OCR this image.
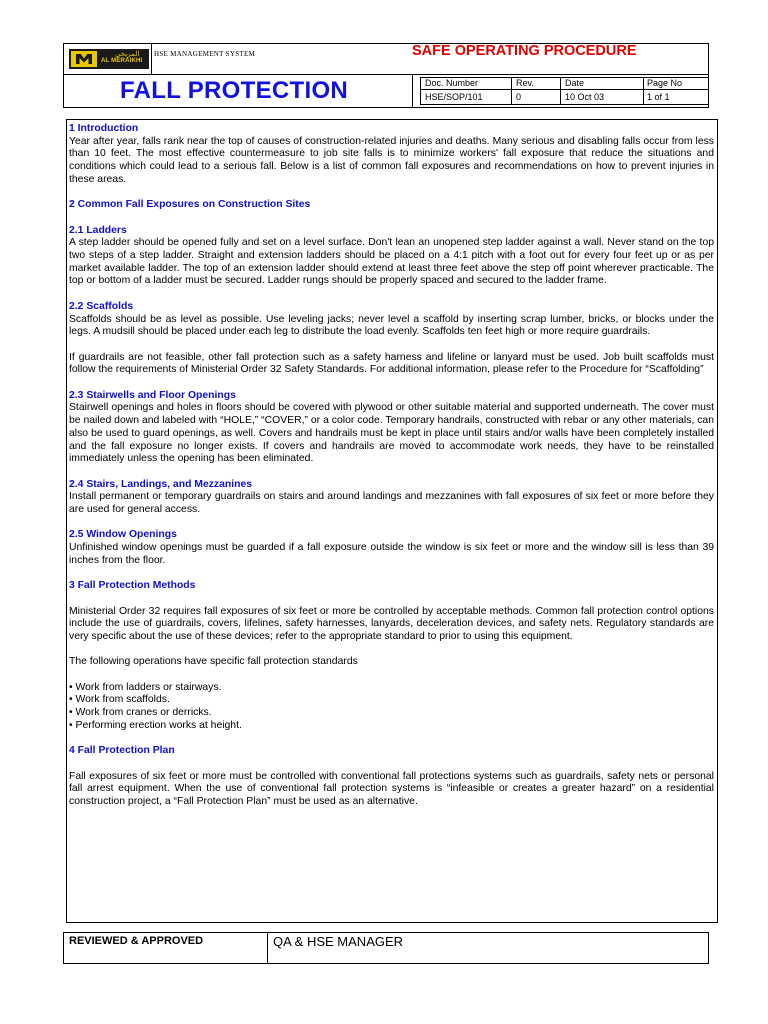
المريخي
AL MERAIKHI
HSE MANAGEMENT SYSTEM	SAFE OPERATING PROCEDURE
FALL PROTECTION	Doc. Number	Rev.	Date	Page No
HSE/SOP/101	0	10 Oct 03	1 of 1
1 Introduction

Year after year, falls rank near the top of causes of construction-related injuries and deaths. Many serious and disabling falls occur from less than 10 feet. The most effective countermeasure to job site falls is to minimize workers' fall exposure that reduce the situations and conditions which could lead to a serious fall. Below is a list of common fall exposures and recommendations on how to prevent injuries in these areas.

2 Common Fall Exposures on Construction Sites
2.1 Ladders

A step ladder should be opened fully and set on a level surface. Don't lean an unopened step ladder against a wall. Never stand on the top two steps of a step ladder. Straight and extension ladders should be placed on a 4:1 pitch with a foot out for every four feet up or as per market available ladder. The top of an extension ladder should extend at least three feet above the step off point wherever practicable. The top or bottom of a ladder must be secured. Ladder rungs should be properly spaced and secured to the ladder frame.

2.2 Scaffolds

Scaffolds should be as level as possible. Use leveling jacks; never level a scaffold by inserting scrap lumber, bricks, or blocks under the legs. A mudsill should be placed under each leg to distribute the load evenly. Scaffolds ten feet high or more require guardrails.

If guardrails are not feasible, other fall protection such as a safety harness and lifeline or lanyard must be used. Job built scaffolds must follow the requirements of Ministerial Order 32 Safety Standards. For additional information, please refer to the Procedure for “Scaffolding”

2.3 Stairwells and Floor Openings

Stairwell openings and holes in floors should be covered with plywood or other suitable material and supported underneath. The cover must be nailed down and labeled with “HOLE,” “COVER,” or a color code. Temporary handrails, constructed with rebar or any other materials, can also be used to guard openings, as well. Covers and handrails must be kept in place until stairs and/or walls have been completely installed and the fall exposure no longer exists. If covers and handrails are moved to accommodate work needs, they have to be reinstalled immediately unless the opening has been eliminated.

2.4 Stairs, Landings, and Mezzanines

Install permanent or temporary guardrails on stairs and around landings and mezzanines with fall exposures of six feet or more before they are used for general access.

2.5 Window Openings

Unfinished window openings must be guarded if a fall exposure outside the window is six feet or more and the window sill is less than 39 inches from the floor.

3 Fall Protection Methods

Ministerial Order 32 requires fall exposures of six feet or more be controlled by acceptable methods. Common fall protection control options include the use of guardrails, covers, lifelines, safety harnesses, lanyards, deceleration devices, and safety nets. Regulatory standards are very specific about the use of these devices; refer to the appropriate standard to prior to using this equipment.

The following operations have specific fall protection standards

• Work from ladders or stairways.
• Work from scaffolds.
• Work from cranes or derricks.
• Performing erection works at height.
4 Fall Protection Plan

Fall exposures of six feet or more must be controlled with conventional fall protections systems such as guardrails, safety nets or personal fall arrest equipment. When the use of conventional fall protection systems is “infeasible or creates a greater hazard” on a residential construction project, a “Fall Protection Plan” must be used as an alternative.

REVIEWED & APPROVED	QA & HSE MANAGER
